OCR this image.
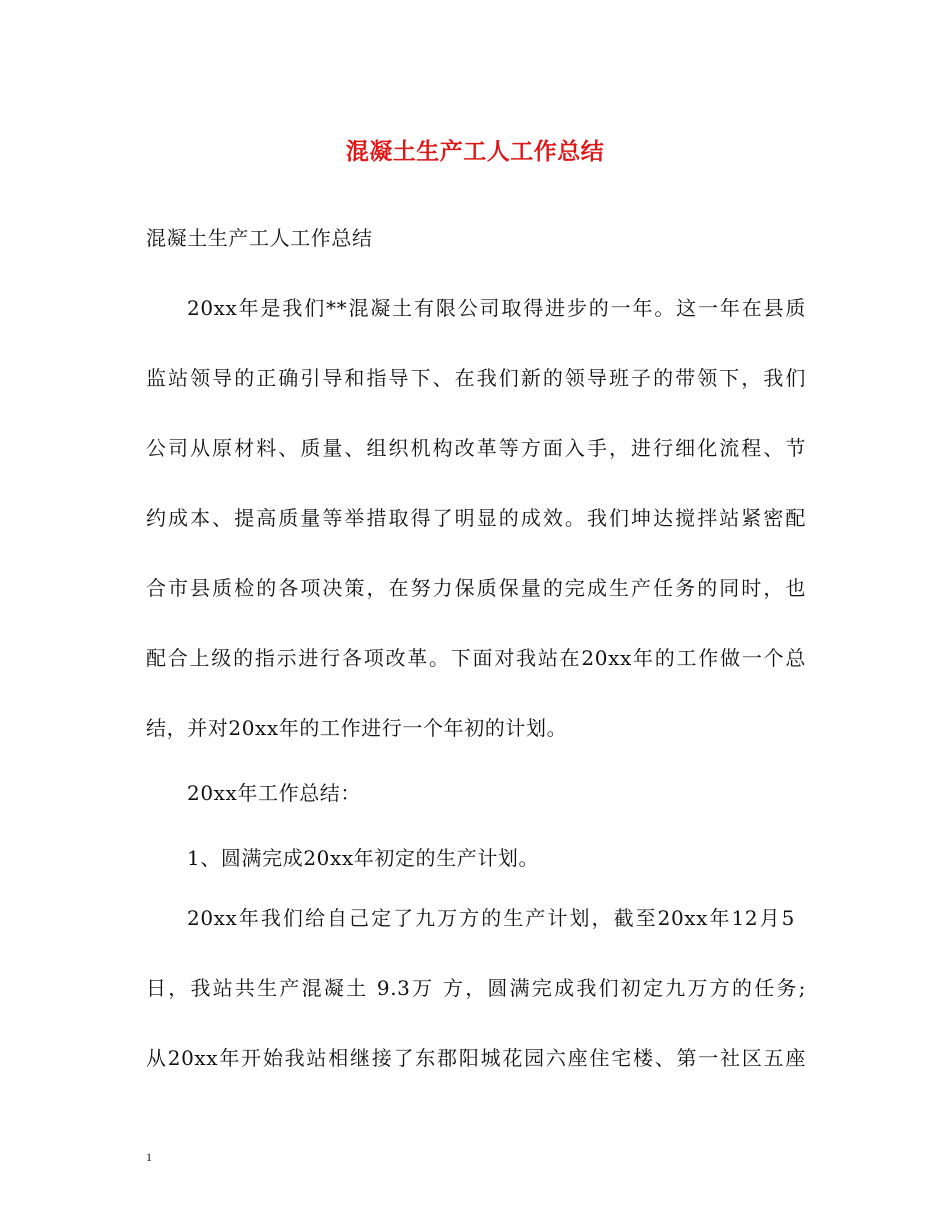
混凝土生产工人工作总结
混凝土生产工人工作总结
20xx年是我们**混凝土有限公司取得进步的一年。这一年在县质
监站领导的正确引导和指导下、在我们新的领导班子的带领下，我们
公司从原材料、质量、组织机构改革等方面入手，进行细化流程、节
约成本、提高质量等举措取得了明显的成效。我们坤达搅拌站紧密配
合市县质检的各项决策，在努力保质保量的完成生产任务的同时，也
配合上级的指示进行各项改革。下面对我站在20xx年的工作做一个总
结，并对20xx年的工作进行一个年初的计划。
20xx年工作总结：
1、圆满完成20xx年初定的生产计划。
20xx年我们给自己定了九万方的生产计划，截至20xx年12月5
日，我站共生产混凝土 9.3万 方，圆满完成我们初定九万方的任务;
从20xx年开始我站相继接了东郡阳城花园六座住宅楼、第一社区五座
1
